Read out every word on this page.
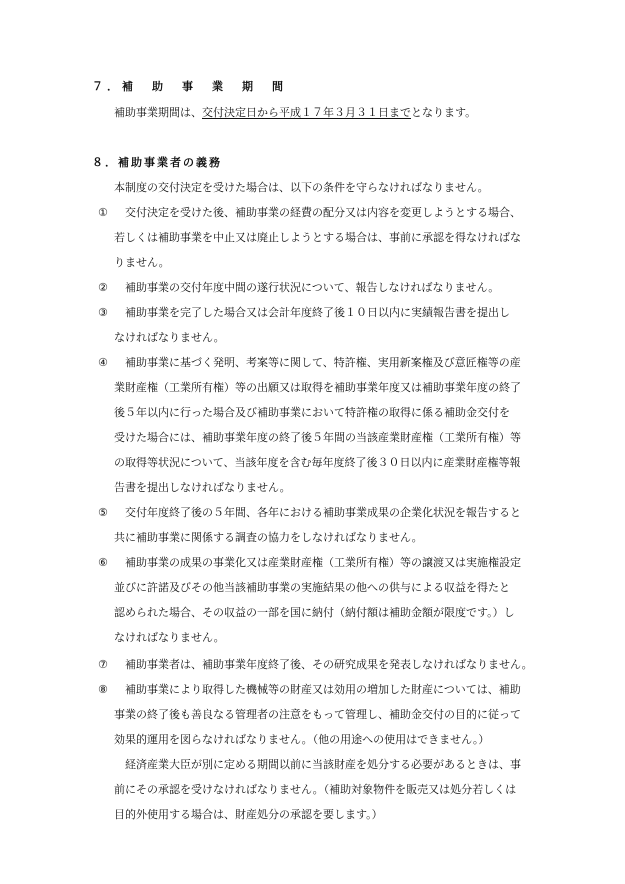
７．補　助　事　業　期　間
補助事業期間は、交付決定日から平成１７年３月３１日までとなります。
８．補助事業者の義務
本制度の交付決定を受けた場合は、以下の条件を守らなければなりません。
① 交付決定を受けた後、補助事業の経費の配分又は内容を変更しようとする場合、
若しくは補助事業を中止又は廃止しようとする場合は、事前に承認を得なければな
りません。
② 補助事業の交付年度中間の遂行状況について、報告しなければなりません。
③ 補助事業を完了した場合又は会計年度終了後１０日以内に実績報告書を提出し
なければなりません。
④ 補助事業に基づく発明、考案等に関して、特許権、実用新案権及び意匠権等の産
業財産権（工業所有権）等の出願又は取得を補助事業年度又は補助事業年度の終了
後５年以内に行った場合及び補助事業において特許権の取得に係る補助金交付を
受けた場合には、補助事業年度の終了後５年間の当該産業財産権（工業所有権）等
の取得等状況について、当該年度を含む毎年度終了後３０日以内に産業財産権等報
告書を提出しなければなりません。
⑤ 交付年度終了後の５年間、各年における補助事業成果の企業化状況を報告すると
共に補助事業に関係する調査の協力をしなければなりません。
⑥ 補助事業の成果の事業化又は産業財産権（工業所有権）等の譲渡又は実施権設定
並びに許諾及びその他当該補助事業の実施結果の他への供与による収益を得たと
認められた場合、その収益の一部を国に納付（納付額は補助金額が限度です。）し
なければなりません。
⑦ 補助事業者は、補助事業年度終了後、その研究成果を発表しなければなりません。
⑧ 補助事業により取得した機械等の財産又は効用の増加した財産については、補助
事業の終了後も善良なる管理者の注意をもって管理し、補助金交付の目的に従って
効果的運用を図らなければなりません。（他の用途への使用はできません。）
経済産業大臣が別に定める期間以前に当該財産を処分する必要があるときは、事
前にその承認を受けなければなりません。（補助対象物件を販売又は処分若しくは
目的外使用する場合は、財産処分の承認を要します。）
